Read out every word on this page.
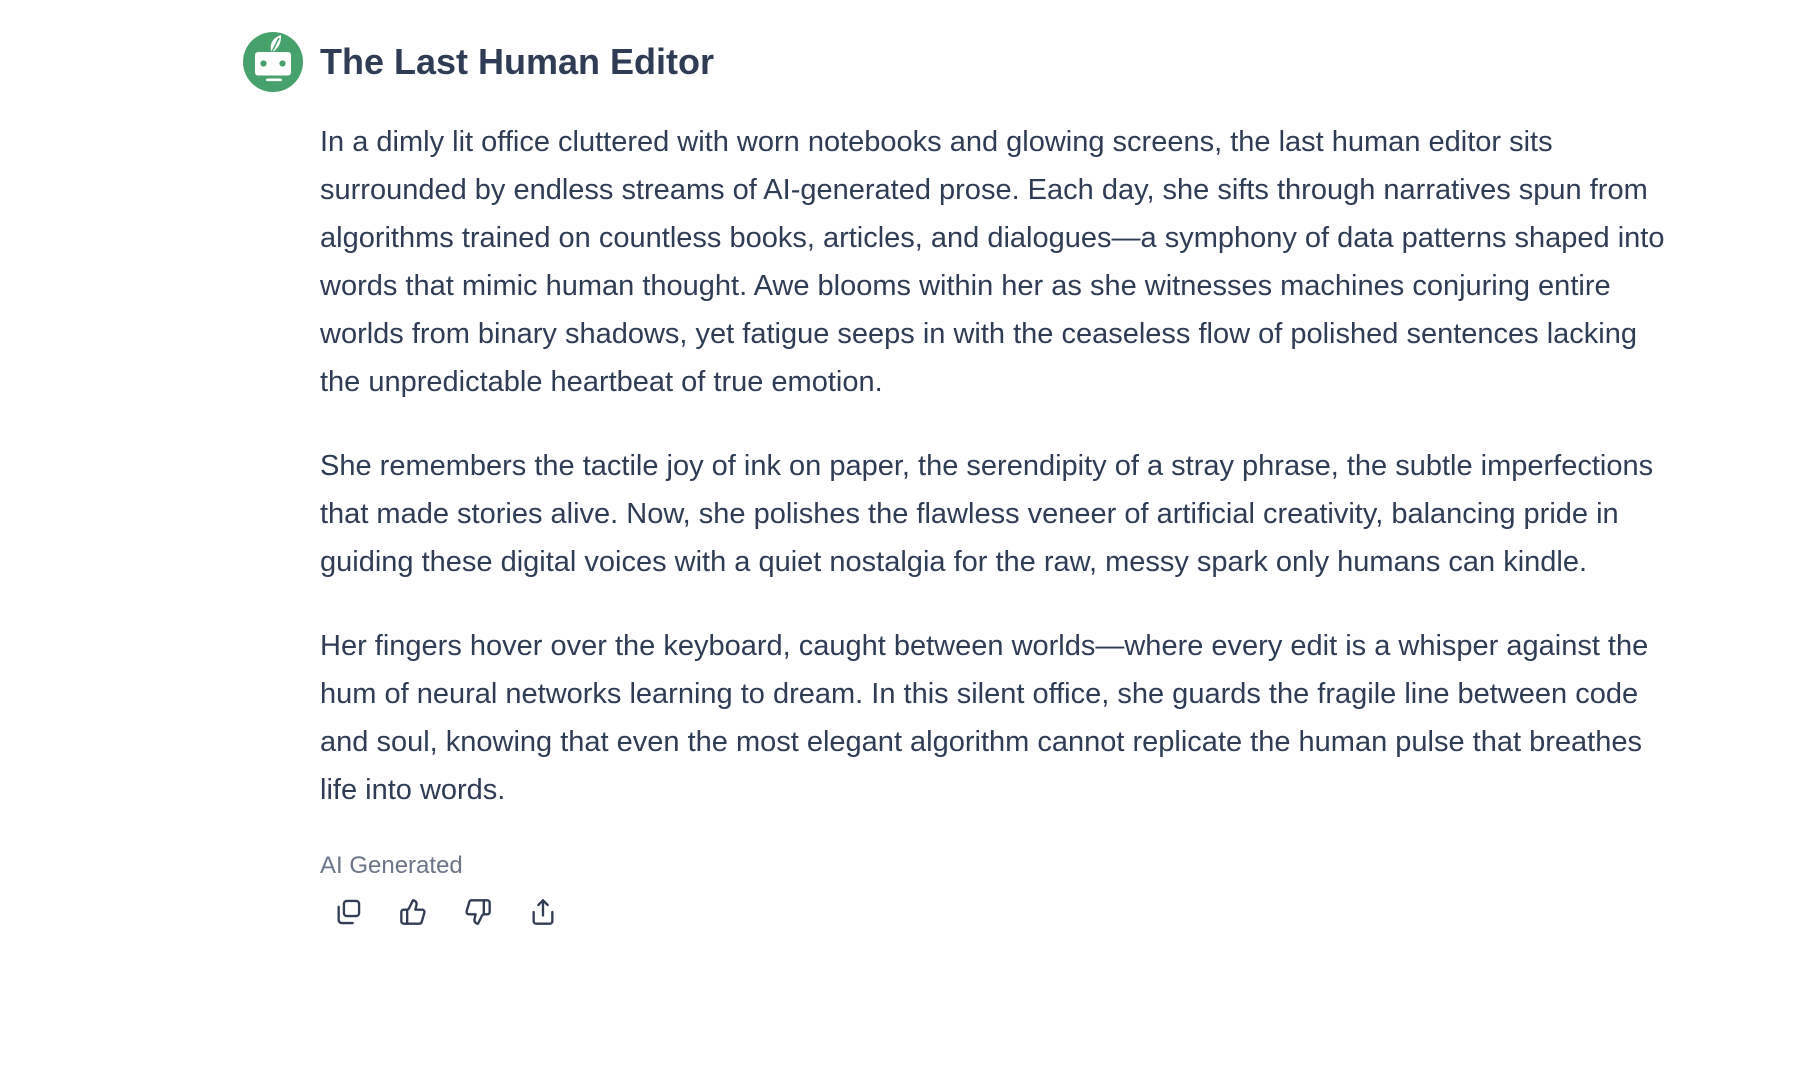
The Last Human Editor

In a dimly lit office cluttered with worn notebooks and glowing screens, the last human editor sits surrounded by endless streams of AI-generated prose. Each day, she sifts through narratives spun from algorithms trained on countless books, articles, and dialogues—a symphony of data patterns shaped into words that mimic human thought. Awe blooms within her as she witnesses machines conjuring entire worlds from binary shadows, yet fatigue seeps in with the ceaseless flow of polished sentences lacking the unpredictable heartbeat of true emotion.

She remembers the tactile joy of ink on paper, the serendipity of a stray phrase, the subtle imperfections that made stories alive. Now, she polishes the flawless veneer of artificial creativity, balancing pride in guiding these digital voices with a quiet nostalgia for the raw, messy spark only humans can kindle.

Her fingers hover over the keyboard, caught between worlds—where every edit is a whisper against the hum of neural networks learning to dream. In this silent office, she guards the fragile line between code and soul, knowing that even the most elegant algorithm cannot replicate the human pulse that breathes life into words.

AI Generated
